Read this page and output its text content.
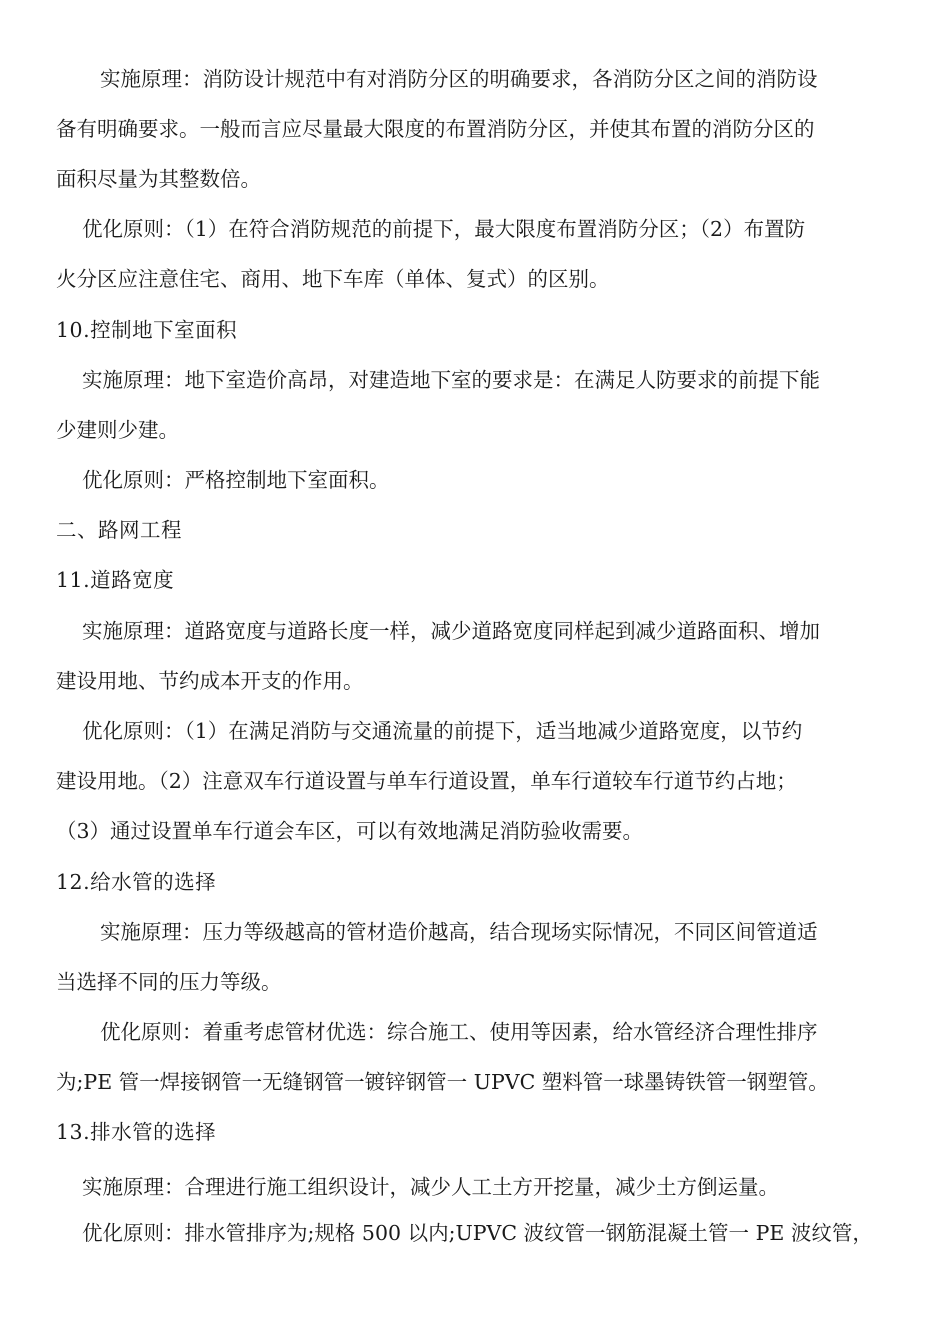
实施原理：消防设计规范中有对消防分区的明确要求，各消防分区之间的消防设
备有明确要求。一般而言应尽量最大限度的布置消防分区，并使其布置的消防分区的
面积尽量为其整数倍。
优化原则：（1）在符合消防规范的前提下，最大限度布置消防分区；（2）布置防
火分区应注意住宅、商用、地下车库（单体、复式）的区别。
10.控制地下室面积
实施原理：地下室造价高昂，对建造地下室的要求是：在满足人防要求的前提下能
少建则少建。
优化原则：严格控制地下室面积。
二、路网工程
11.道路宽度
实施原理：道路宽度与道路长度一样，减少道路宽度同样起到减少道路面积、增加
建设用地、节约成本开支的作用。
优化原则：（1）在满足消防与交通流量的前提下，适当地减少道路宽度，以节约
建设用地。（2）注意双车行道设置与单车行道设置，单车行道较车行道节约占地；
（3）通过设置单车行道会车区，可以有效地满足消防验收需要。
12.给水管的选择
实施原理：压力等级越高的管材造价越高，结合现场实际情况，不同区间管道适
当选择不同的压力等级。
优化原则：着重考虑管材优选：综合施工、使用等因素，给水管经济合理性排序
为;PE 管一焊接钢管一无缝钢管一镀锌钢管一 UPVC 塑料管一球墨铸铁管一钢塑管。
13.排水管的选择
实施原理：合理进行施工组织设计，减少人工土方开挖量，减少土方倒运量。
优化原则：排水管排序为;规格 500 以内;UPVC 波纹管一钢筋混凝土管一 PE 波纹管，
